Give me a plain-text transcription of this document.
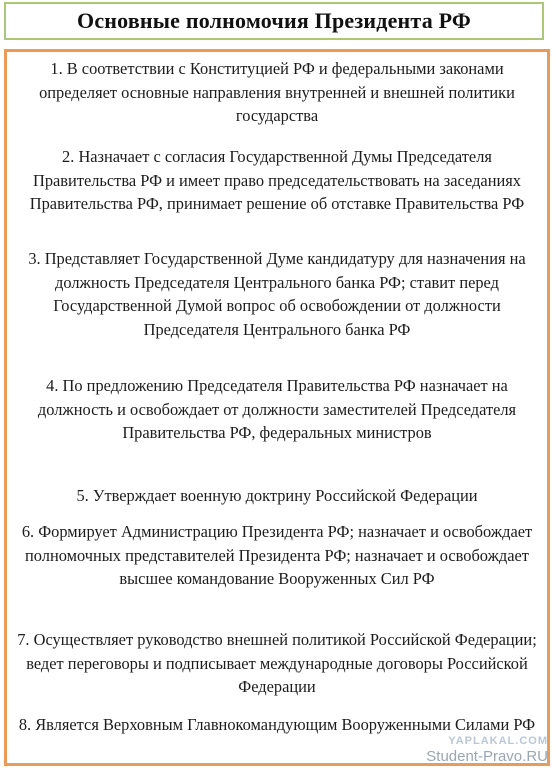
Основные полномочия Президента РФ
1. В соответствии с Конституцией РФ и федеральными законами определяет основные направления внутренней и внешней политики государства
2. Назначает с согласия Государственной Думы Председателя Правительства РФ и имеет право председательствовать на заседаниях Правительства РФ, принимает решение об отставке Правительства РФ
3. Представляет Государственной Думе кандидатуру для назначения на должность Председателя Центрального банка РФ; ставит перед Государственной Думой вопрос об освобождении от должности Председателя Центрального банка РФ
4. По предложению Председателя Правительства РФ назначает на должность и освобождает от должности заместителей Председателя Правительства РФ, федеральных министров
5. Утверждает военную доктрину Российской Федерации
6. Формирует Администрацию Президента РФ; назначает и освобождает полномочных представителей Президента РФ; назначает и освобождает высшее командование Вооруженных Сил РФ
7. Осуществляет руководство внешней политикой Российской Федерации; ведет переговоры и подписывает международные договоры Российской Федерации
8. Является Верховным Главнокомандующим Вооруженными Силами РФ
YAPLAKAL.COM
Student-Pravo.RU
